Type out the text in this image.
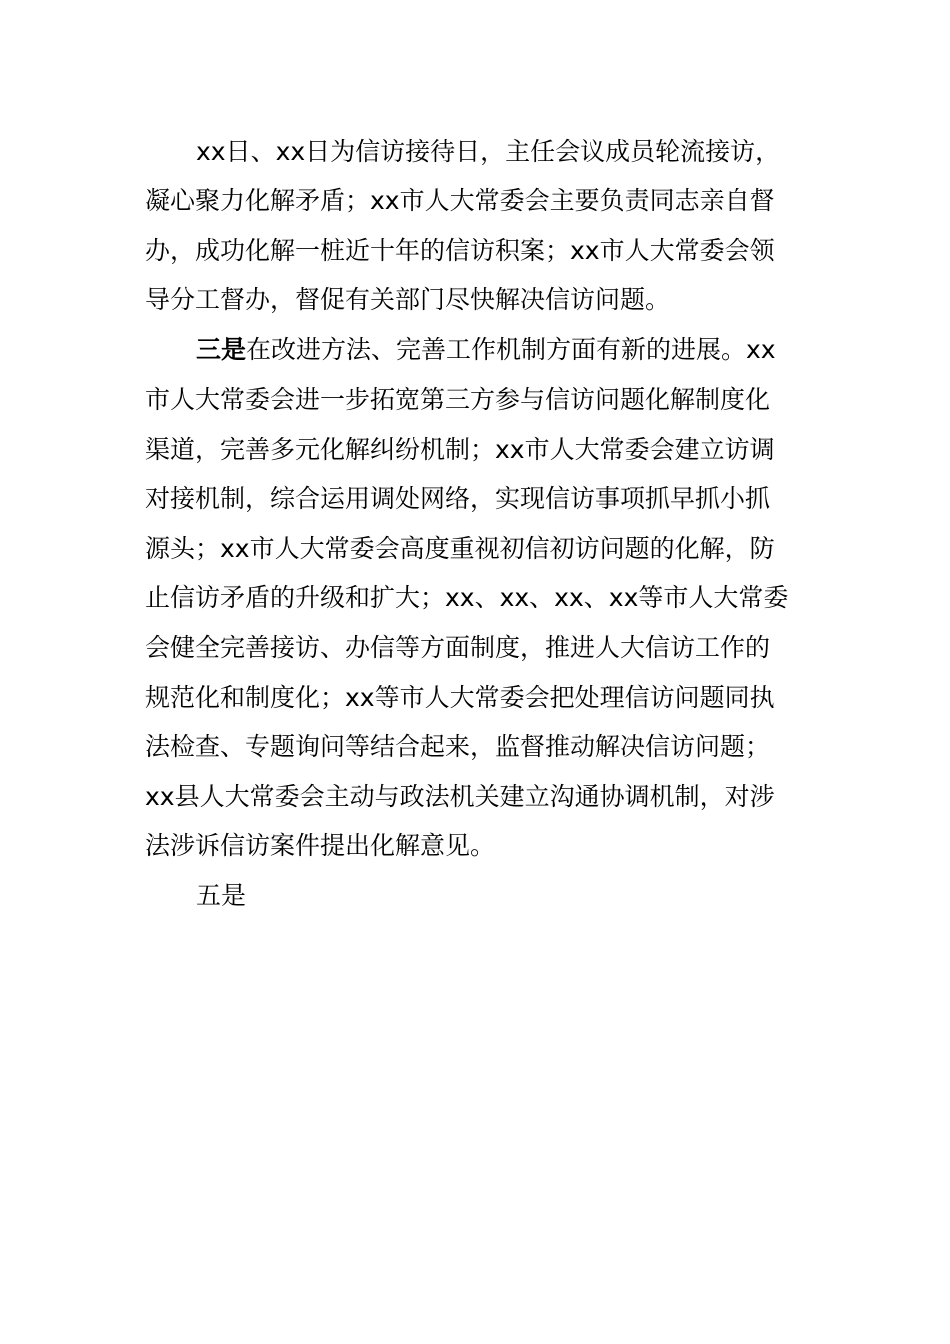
xx日、xx日为信访接待日，主任会议成员轮流接访，
凝心聚力化解矛盾；xx市人大常委会主要负责同志亲自督
办，成功化解一桩近十年的信访积案；xx市人大常委会领
导分工督办，督促有关部门尽快解决信访问题。
三是在改进方法、完善工作机制方面有新的进展。xx
市人大常委会进一步拓宽第三方参与信访问题化解制度化
渠道，完善多元化解纠纷机制；xx市人大常委会建立访调
对接机制，综合运用调处网络，实现信访事项抓早抓小抓
源头；xx市人大常委会高度重视初信初访问题的化解，防
止信访矛盾的升级和扩大；xx、xx、xx、xx等市人大常委
会健全完善接访、办信等方面制度，推进人大信访工作的
规范化和制度化；xx等市人大常委会把处理信访问题同执
法检查、专题询问等结合起来，监督推动解决信访问题；
xx县人大常委会主动与政法机关建立沟通协调机制，对涉
法涉诉信访案件提出化解意见。
五是
